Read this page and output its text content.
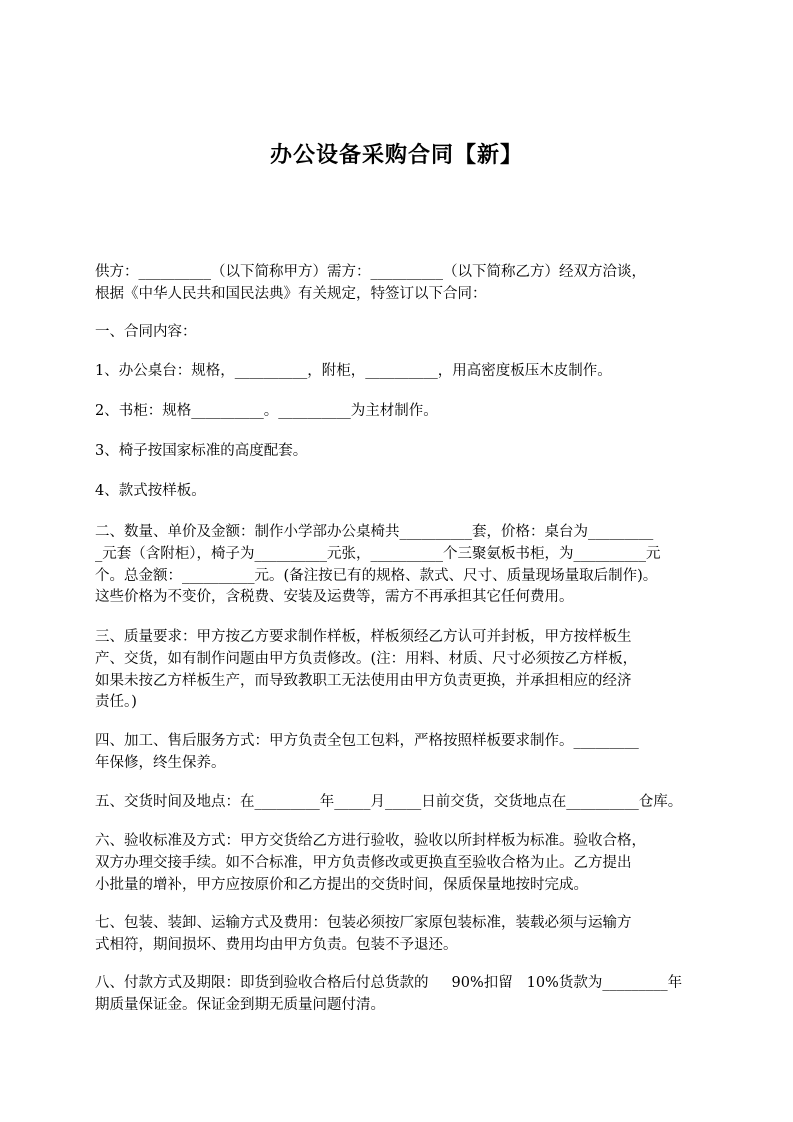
办公设备采购合同【新】
供方：__________（以下简称甲方）需方：__________（以下简称乙方）经双方洽谈，
根据《中华人民共和国民法典》有关规定，特签订以下合同：
一、合同内容：
1、办公桌台：规格，__________，附柜，__________，用高密度板压木皮制作。
2、书柜：规格__________。__________为主材制作。
3、椅子按国家标准的高度配套。
4、款式按样板。
二、数量、单价及金额：制作小学部办公桌椅共__________套，价格：桌台为_________
_元套（含附柜），椅子为__________元张，__________个三聚氨板书柜，为__________元
个。总金额：__________元。(备注按已有的规格、款式、尺寸、质量现场量取后制作)。
这些价格为不变价，含税费、安装及运费等，需方不再承担其它任何费用。
三、质量要求：甲方按乙方要求制作样板，样板须经乙方认可并封板，甲方按样板生
产、交货，如有制作问题由甲方负责修改。(注：用料、材质、尺寸必须按乙方样板，
如果未按乙方样板生产，而导致教职工无法使用由甲方负责更换，并承担相应的经济
责任。)
四、加工、售后服务方式：甲方负责全包工包料，严格按照样板要求制作。_________
年保修，终生保养。
五、交货时间及地点：在_________年_____月_____日前交货，交货地点在__________仓库。
六、验收标准及方式：甲方交货给乙方进行验收，验收以所封样板为标准。验收合格，
双方办理交接手续。如不合标准，甲方负责修改或更换直至验收合格为止。乙方提出
小批量的增补，甲方应按原价和乙方提出的交货时间，保质保量地按时完成。
七、包装、装卸、运输方式及费用：包装必须按厂家原包装标准，装载必须与运输方
式相符，期间损坏、费用均由甲方负责。包装不予退还。
八、付款方式及期限：即货到验收合格后付总货款的     90%扣留   10%货款为_________年
期质量保证金。保证金到期无质量问题付清。
